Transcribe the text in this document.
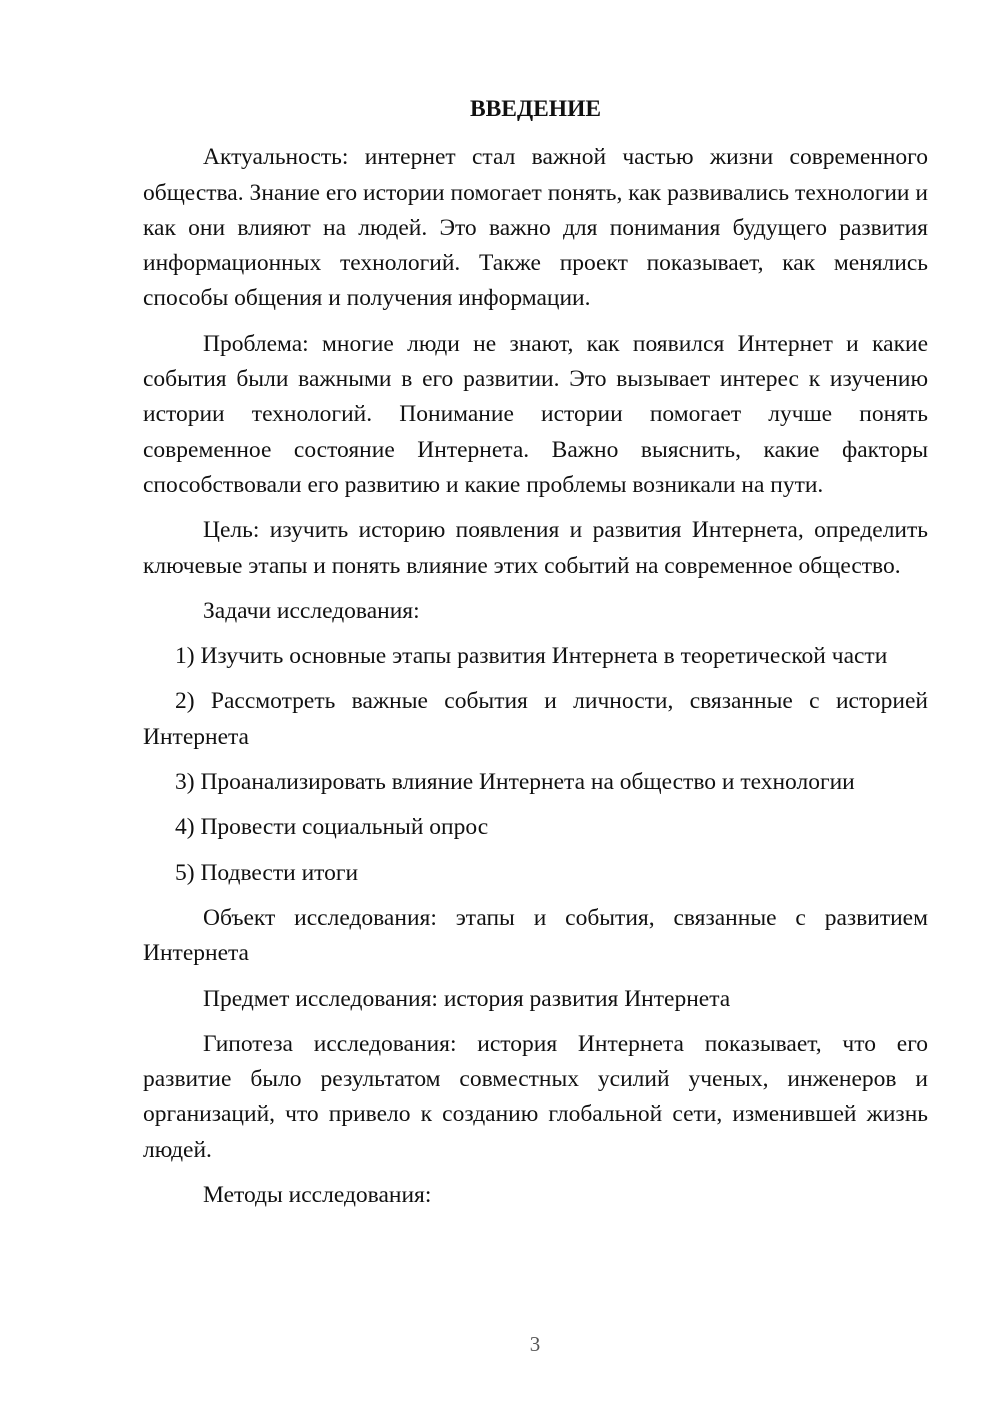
ВВЕДЕНИЕ

Актуальность: интернет стал важной частью жизни современного общества. Знание его истории помогает понять, как развивались технологии и как они влияют на людей. Это важно для понимания будущего развития информационных технологий. Также проект показывает, как менялись способы общения и получения информации.

Проблема: многие люди не знают, как появился Интернет и какие события были важными в его развитии. Это вызывает интерес к изучению истории технологий. Понимание истории помогает лучше понять современное состояние Интернета. Важно выяснить, какие факторы способствовали его развитию и какие проблемы возникали на пути.

Цель: изучить историю появления и развития Интернета, определить ключевые этапы и понять влияние этих событий на современное общество.

Задачи исследования:

1) Изучить основные этапы развития Интернета в теоретической части

2) Рассмотреть важные события и личности, связанные с историей Интернета

3) Проанализировать влияние Интернета на общество и технологии

4) Провести социальный опрос

5) Подвести итоги

Объект исследования: этапы и события, связанные с развитием Интернета

Предмет исследования: история развития Интернета

Гипотеза исследования: история Интернета показывает, что его развитие было результатом совместных усилий ученых, инженеров и организаций, что привело к созданию глобальной сети, изменившей жизнь людей.

Методы исследования:

3
